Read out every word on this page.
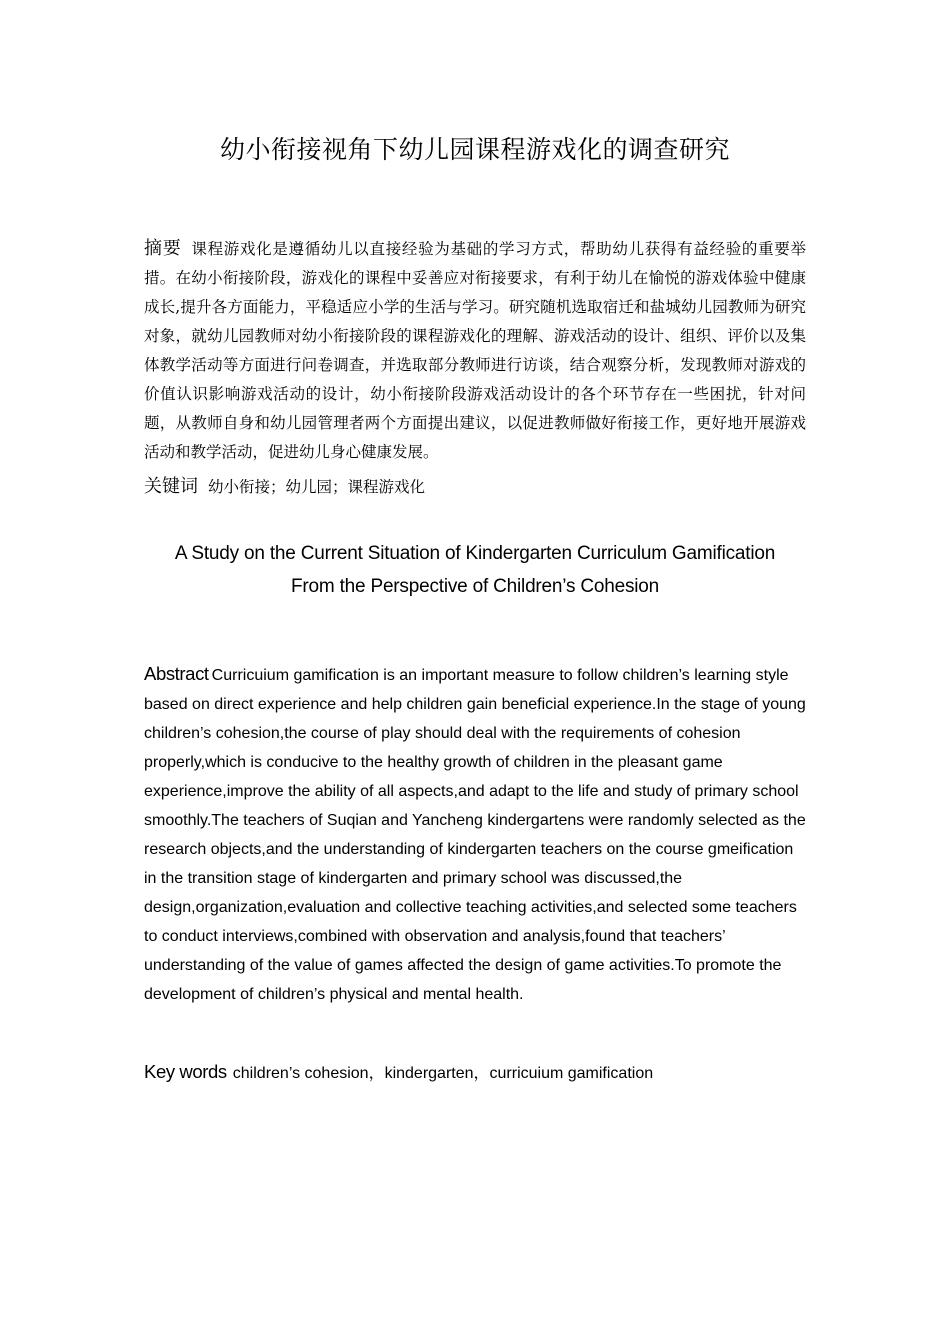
幼小衔接视角下幼儿园课程游戏化的调查研究

摘要 课程游戏化是遵循幼儿以直接经验为基础的学习方式，帮助幼儿获得有益经验的重要举措。在幼小衔接阶段，游戏化的课程中妥善应对衔接要求，有利于幼儿在愉悦的游戏体验中健康成长,提升各方面能力，平稳适应小学的生活与学习。研究随机选取宿迁和盐城幼儿园教师为研究对象，就幼儿园教师对幼小衔接阶段的课程游戏化的理解、游戏活动的设计、组织、评价以及集体教学活动等方面进行问卷调查，并选取部分教师进行访谈，结合观察分析，发现教师对游戏的价值认识影响游戏活动的设计，幼小衔接阶段游戏活动设计的各个环节存在一些困扰，针对问题，从教师自身和幼儿园管理者两个方面提出建议，以促进教师做好衔接工作，更好地开展游戏活动和教学活动，促进幼儿身心健康发展。

关键词 幼小衔接；幼儿园；课程游戏化

A Study on the Current Situation of Kindergarten Curriculum Gamification
From the Perspective of Children’s Cohesion

Abstract Curricuium gamification is an important measure to follow children’s learning style based on direct experience and help children gain beneficial experience.In the stage of young children’s cohesion,the course of play should deal with the requirements of cohesion properly,which is conducive to the healthy growth of children in the pleasant game experience,improve the ability of all aspects,and adapt to the life and study of primary school smoothly.The teachers of Suqian and Yancheng kindergartens were randomly selected as the research objects,and the understanding of kindergarten teachers on the course gmeification in the transition stage of kindergarten and primary school was discussed,the design,organization,evaluation and collective teaching activities,and selected some teachers to conduct interviews,combined with observation and analysis,found that teachers’ understanding of the value of games affected the design of game activities.To promote the development of children’s physical and mental health.

Key words children’s cohesion，kindergarten，curricuium gamification
